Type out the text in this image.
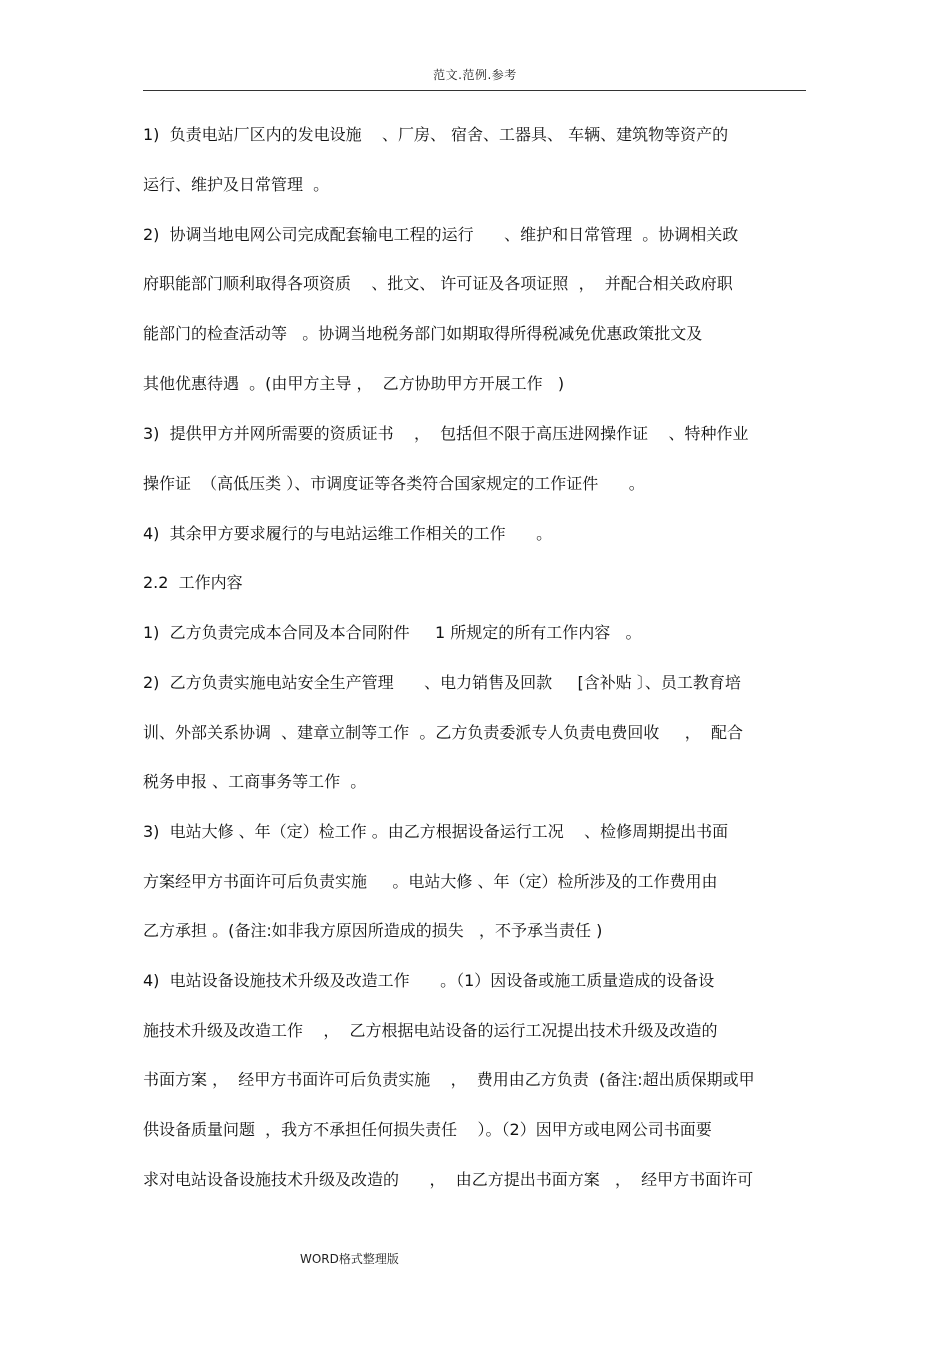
范文.范例.参考
1)  负责电站厂区内的发电设施    、厂房、 宿舍、工器具、 车辆、建筑物等资产的
运行、维护及日常管理  。
2)  协调当地电网公司完成配套输电工程的运行      、维护和日常管理  。协调相关政
府职能部门顺利取得各项资质    、批文、 许可证及各项证照  ，  并配合相关政府职
能部门的检查活动等   。协调当地税务部门如期取得所得税减免优惠政策批文及
其他优惠待遇  。(由甲方主导 ，  乙方协助甲方开展工作   )
3)  提供甲方并网所需要的资质证书    ，  包括但不限于高压进网操作证    、特种作业
操作证  （高低压类 ）、市调度证等各类符合国家规定的工作证件      。
4)  其余甲方要求履行的与电站运维工作相关的工作      。
2.2  工作内容
1)  乙方负责完成本合同及本合同附件     1 所规定的所有工作内容   。
2)  乙方负责实施电站安全生产管理      、电力销售及回款     [含补贴 〕、员工教育培
训、外部关系协调  、建章立制等工作  。乙方负责委派专人负责电费回收     ，  配合
税务申报 、工商事务等工作  。
3)  电站大修 、年（定）检工作 。由乙方根据设备运行工况    、检修周期提出书面
方案经甲方书面许可后负责实施     。电站大修 、年（定）检所涉及的工作费用由
乙方承担 。(备注:如非我方原因所造成的损失   ，不予承当责任 )
4)  电站设备设施技术升级及改造工作      。（1）因设备或施工质量造成的设备设
施技术升级及改造工作    ，  乙方根据电站设备的运行工况提出技术升级及改造的
书面方案 ，  经甲方书面许可后负责实施    ，  费用由乙方负责  (备注:超出质保期或甲
供设备质量问题  ，我方不承担任何损失责任    ）。（2）因甲方或电网公司书面要
求对电站设备设施技术升级及改造的      ，  由乙方提出书面方案   ，  经甲方书面许可
WORD格式整理版
